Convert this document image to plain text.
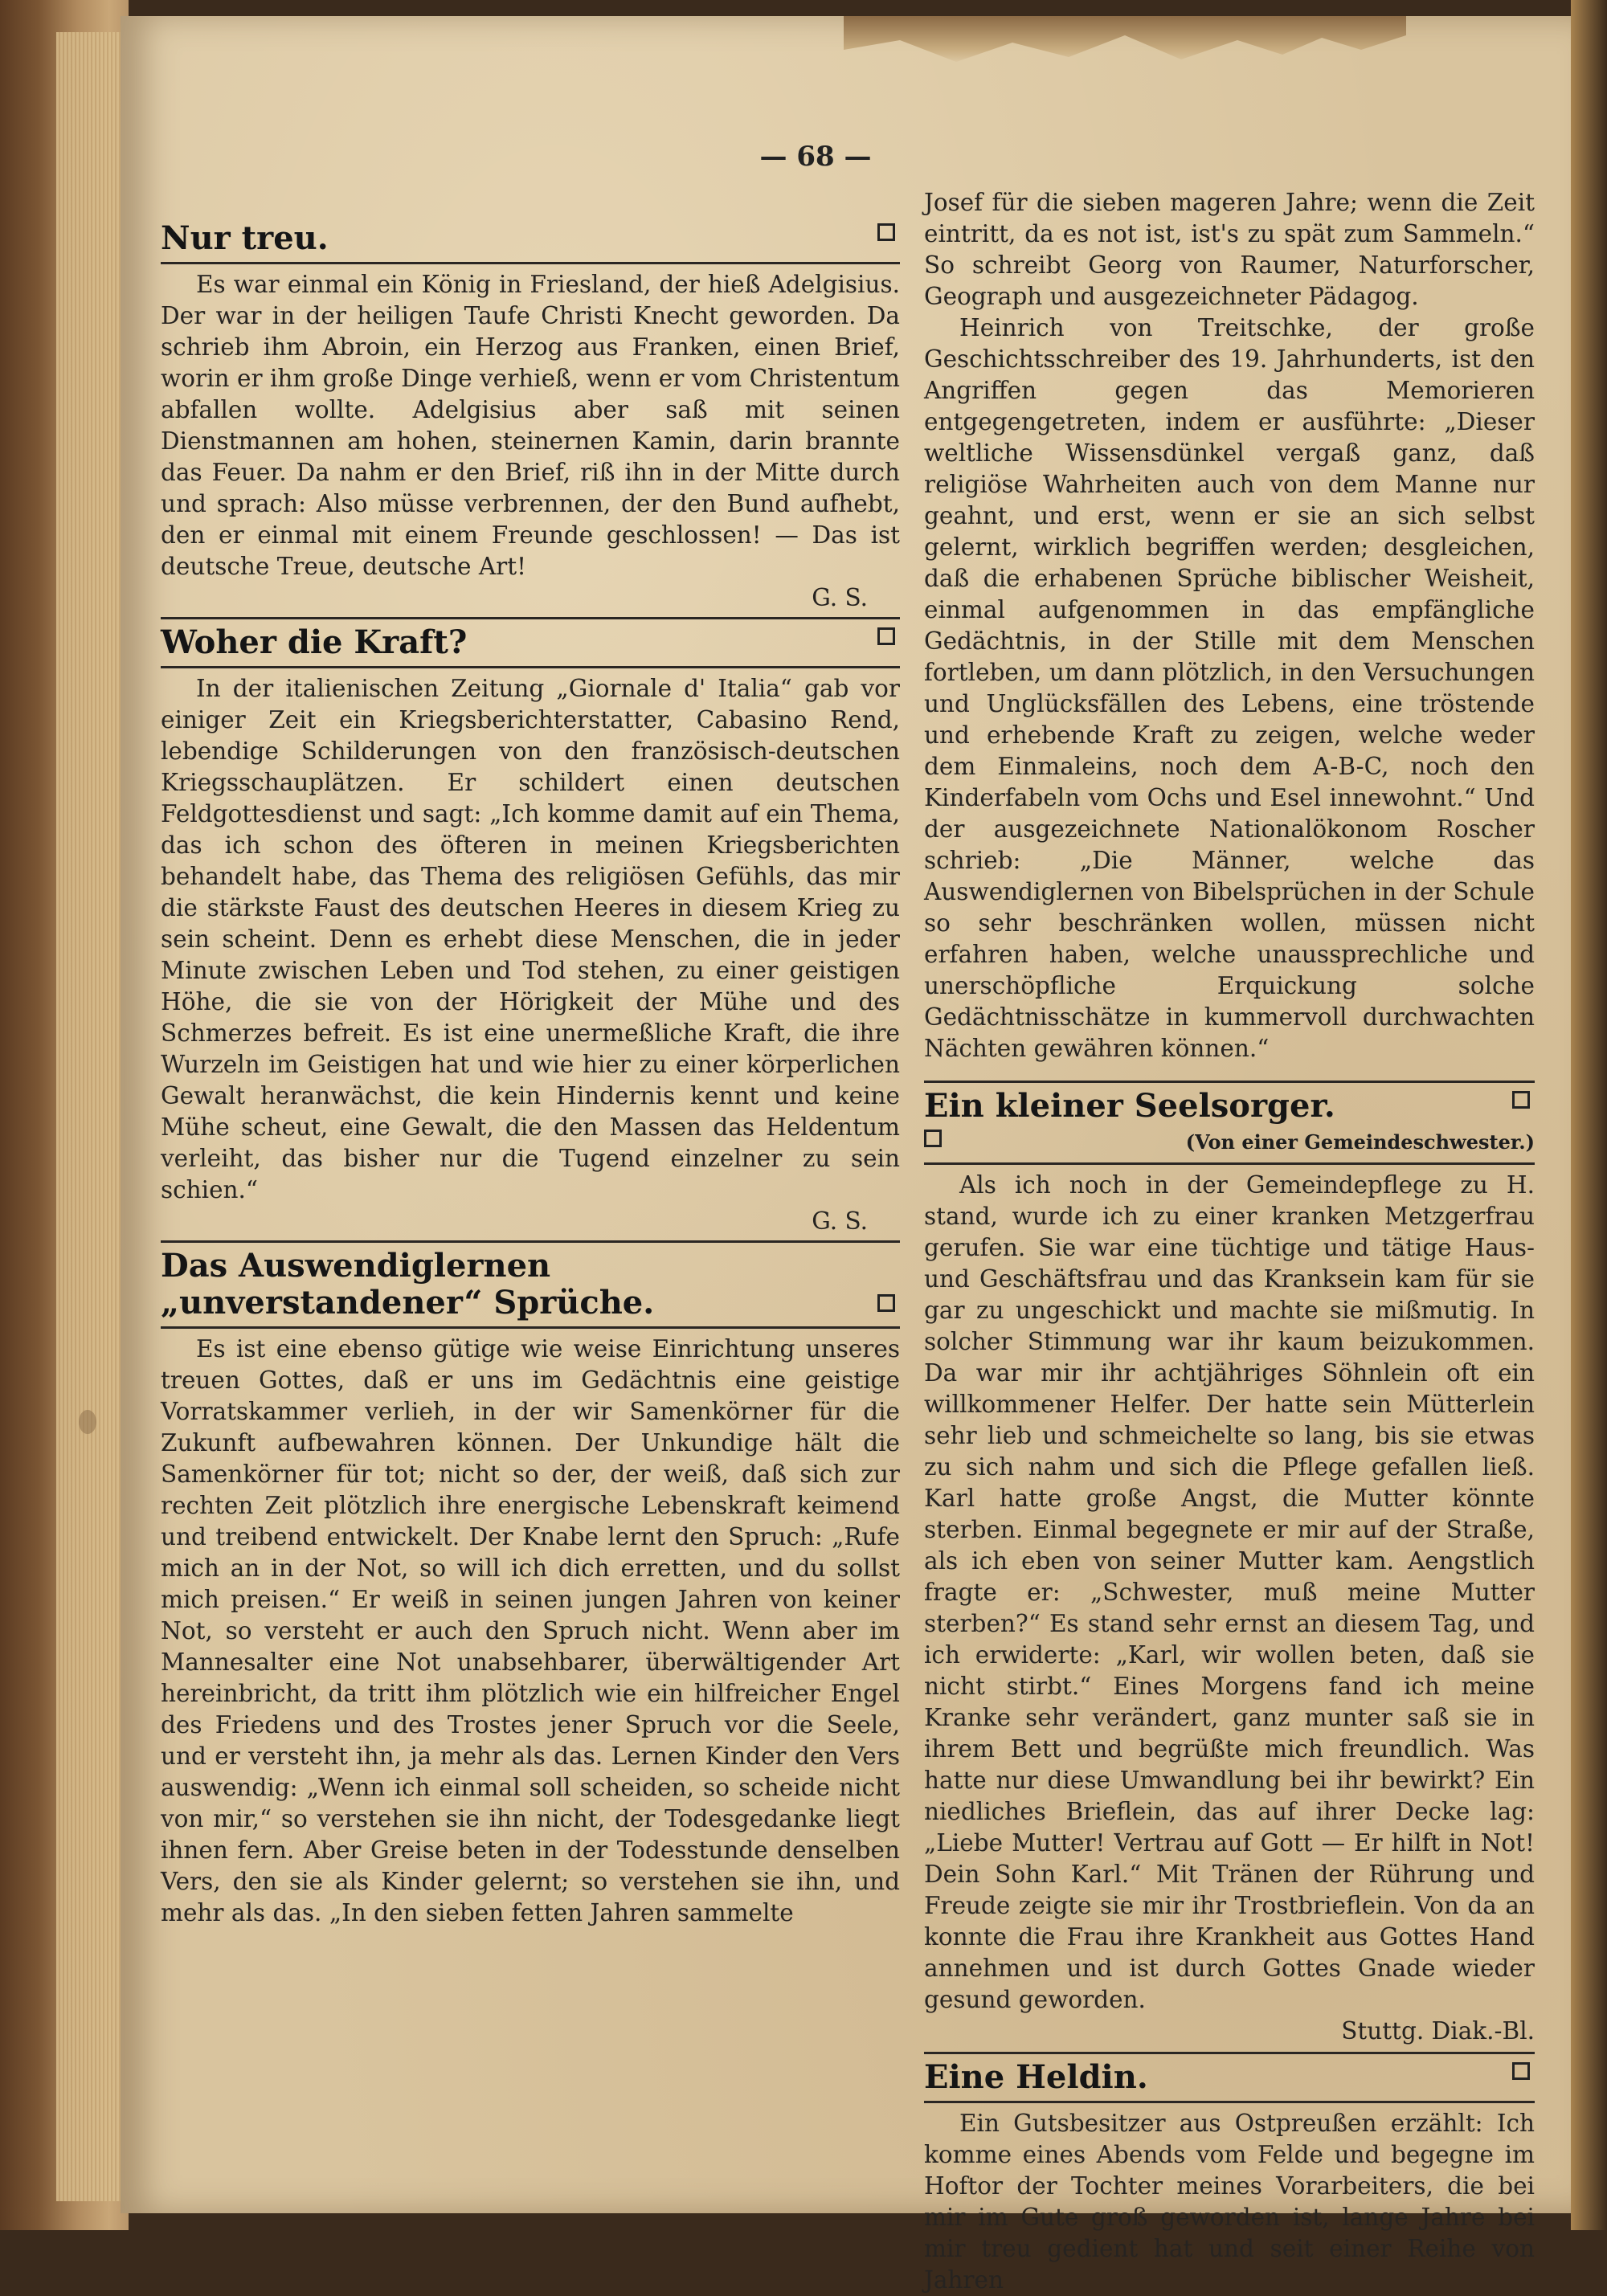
— 68 —
Nur treu.

Es war einmal ein König in Friesland, der hieß Adelgisius. Der war in der heiligen Taufe Christi Knecht geworden. Da schrieb ihm Abroin, ein Herzog aus Franken, einen Brief, worin er ihm große Dinge verhieß, wenn er vom Christentum abfallen wollte. Adelgisius aber saß mit seinen Dienstmannen am hohen, steinernen Kamin, darin brannte das Feuer. Da nahm er den Brief, riß ihn in der Mitte durch und sprach: Also müsse verbrennen, der den Bund aufhebt, den er einmal mit einem Freunde geschlossen! — Das ist deutsche Treue, deutsche Art!

G. S.
Woher die Kraft?

In der italienischen Zeitung „Giornale d' Italia“ gab vor einiger Zeit ein Kriegsberichterstatter, Cabasino Rend, lebendige Schilderungen von den französisch-deutschen Kriegsschauplätzen. Er schildert einen deutschen Feldgottesdienst und sagt: „Ich komme damit auf ein Thema, das ich schon des öfteren in meinen Kriegsberichten behandelt habe, das Thema des religiösen Gefühls, das mir die stärkste Faust des deutschen Heeres in diesem Krieg zu sein scheint. Denn es erhebt diese Menschen, die in jeder Minute zwischen Leben und Tod stehen, zu einer geistigen Höhe, die sie von der Hörigkeit der Mühe und des Schmerzes befreit. Es ist eine unermeßliche Kraft, die ihre Wurzeln im Geistigen hat und wie hier zu einer körperlichen Gewalt heranwächst, die kein Hindernis kennt und keine Mühe scheut, eine Gewalt, die den Massen das Heldentum verleiht, das bisher nur die Tugend einzelner zu sein schien.“

G. S.
Das Auswendiglernen „unverstandener“ Sprüche.

Es ist eine ebenso gütige wie weise Einrichtung unseres treuen Gottes, daß er uns im Gedächtnis eine geistige Vorratskammer verlieh, in der wir Samenkörner für die Zukunft aufbewahren können. Der Unkundige hält die Samenkörner für tot; nicht so der, der weiß, daß sich zur rechten Zeit plötzlich ihre energische Lebenskraft keimend und treibend entwickelt. Der Knabe lernt den Spruch: „Rufe mich an in der Not, so will ich dich erretten, und du sollst mich preisen.“ Er weiß in seinen jungen Jahren von keiner Not, so versteht er auch den Spruch nicht. Wenn aber im Mannesalter eine Not unabsehbarer, überwältigender Art hereinbricht, da tritt ihm plötzlich wie ein hilfreicher Engel des Friedens und des Trostes jener Spruch vor die Seele, und er versteht ihn, ja mehr als das. Lernen Kinder den Vers auswendig: „Wenn ich einmal soll scheiden, so scheide nicht von mir,“ so verstehen sie ihn nicht, der Todesgedanke liegt ihnen fern. Aber Greise beten in der Todesstunde denselben Vers, den sie als Kinder gelernt; so verstehen sie ihn, und mehr als das. „In den sieben fetten Jahren sammelte

Josef für die sieben mageren Jahre; wenn die Zeit eintritt, da es not ist, ist's zu spät zum Sammeln.“ So schreibt Georg von Raumer, Naturforscher, Geograph und ausgezeichneter Pädagog.

Heinrich von Treitschke, der große Geschichtsschreiber des 19. Jahrhunderts, ist den Angriffen gegen das Memorieren entgegengetreten, indem er ausführte: „Dieser weltliche Wissensdünkel vergaß ganz, daß religiöse Wahrheiten auch von dem Manne nur geahnt, und erst, wenn er sie an sich selbst gelernt, wirklich begriffen werden; desgleichen, daß die erhabenen Sprüche biblischer Weisheit, einmal aufgenommen in das empfängliche Gedächtnis, in der Stille mit dem Menschen fortleben, um dann plötzlich, in den Versuchungen und Unglücksfällen des Lebens, eine tröstende und erhebende Kraft zu zeigen, welche weder dem Einmaleins, noch dem A-B-C, noch den Kinderfabeln vom Ochs und Esel innewohnt.“ Und der ausgezeichnete Nationalökonom Roscher schrieb: „Die Männer, welche das Auswendiglernen von Bibelsprüchen in der Schule so sehr beschränken wollen, müssen nicht erfahren haben, welche unaussprechliche und unerschöpfliche Erquickung solche Gedächtnisschätze in kummervoll durchwachten Nächten gewähren können.“

Ein kleiner Seelsorger.
(Von einer Gemeindeschwester.)

Als ich noch in der Gemeindepflege zu H. stand, wurde ich zu einer kranken Metzgerfrau gerufen. Sie war eine tüchtige und tätige Haus- und Geschäftsfrau und das Kranksein kam für sie gar zu ungeschickt und machte sie mißmutig. In solcher Stimmung war ihr kaum beizukommen. Da war mir ihr achtjähriges Söhnlein oft ein willkommener Helfer. Der hatte sein Mütterlein sehr lieb und schmeichelte so lang, bis sie etwas zu sich nahm und sich die Pflege gefallen ließ. Karl hatte große Angst, die Mutter könnte sterben. Einmal begegnete er mir auf der Straße, als ich eben von seiner Mutter kam. Aengstlich fragte er: „Schwester, muß meine Mutter sterben?“ Es stand sehr ernst an diesem Tag, und ich erwiderte: „Karl, wir wollen beten, daß sie nicht stirbt.“ Eines Morgens fand ich meine Kranke sehr verändert, ganz munter saß sie in ihrem Bett und begrüßte mich freundlich. Was hatte nur diese Umwandlung bei ihr bewirkt? Ein niedliches Brieflein, das auf ihrer Decke lag: „Liebe Mutter! Vertrau auf Gott — Er hilft in Not! Dein Sohn Karl.“ Mit Tränen der Rührung und Freude zeigte sie mir ihr Trostbrieflein. Von da an konnte die Frau ihre Krankheit aus Gottes Hand annehmen und ist durch Gottes Gnade wieder gesund geworden.

Stuttg. Diak.-Bl.
Eine Heldin.

Ein Gutsbesitzer aus Ostpreußen erzählt: Ich komme eines Abends vom Felde und begegne im Hoftor der Tochter meines Vorarbeiters, die bei mir im Gute groß geworden ist, lange Jahre bei mir treu gedient hat und seit einer Reihe von Jahren
